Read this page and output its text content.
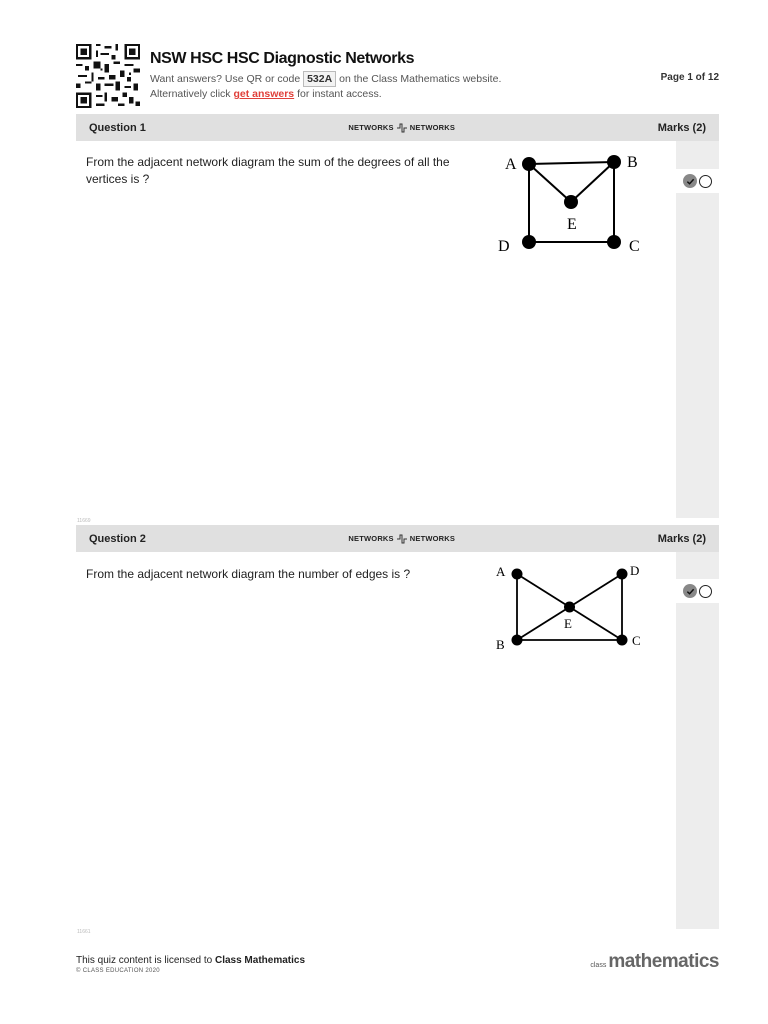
NSW HSC HSC Diagnostic Networks
Want answers? Use QR or code 532A on the Class Mathematics website.
Alternatively click get answers for instant access.
Page 1 of 12
Question 1	NETWORKS NETWORKS	Marks (2)
From the adjacent network diagram the sum of the degrees of all the vertices is ?
A	B
E
D	C
11669
Question 2	NETWORKS NETWORKS	Marks (2)
From the adjacent network diagram the number of edges is ?	A	D
E
B	C
11661
This quiz content is licensed to Class Mathematics
© CLASS EDUCATION 2020
class mathematics
